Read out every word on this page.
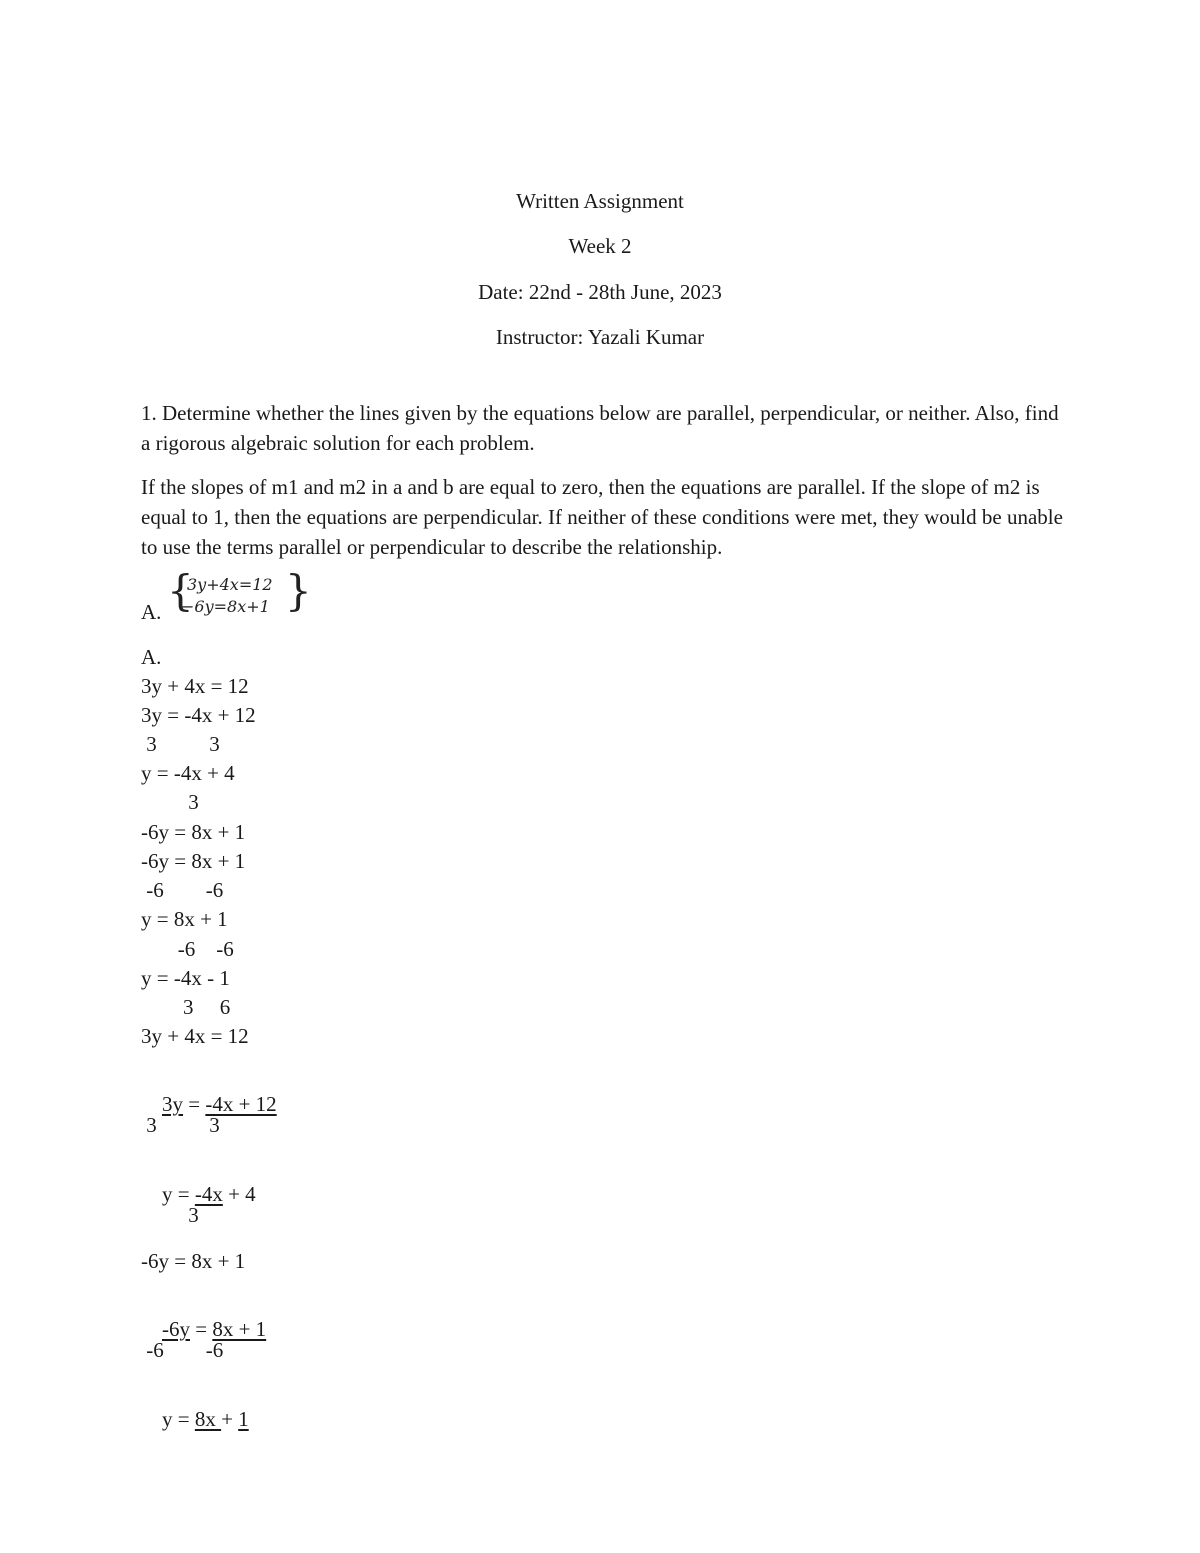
Written Assignment
Week 2
Date: 22nd - 28th June, 2023
Instructor: Yazali Kumar
1. Determine whether the lines given by the equations below are parallel, perpendicular, or neither. Also, find a rigorous algebraic solution for each problem.
If the slopes of m1 and m2 in a and b are equal to zero, then the equations are parallel. If the slope of m2 is equal to 1, then the equations are perpendicular. If neither of these conditions were met, they would be unable to use the terms parallel or perpendicular to describe the relationship.
A. {
3y+4x=12
−6y=8x+1 }
A.
3y + 4x = 12
3y = -4x + 12
3          3
y = -4x + 4
3
-6y = 8x + 1
-6y = 8x + 1
-6        -6
y = 8x + 1
-6    -6
y = -4x - 1
3     6
3y + 4x = 12

3y = -4x + 12

3          3

y = -4x + 4

3
-6y = 8x + 1

-6y = 8x + 1

-6        -6

y = 8x + 1
